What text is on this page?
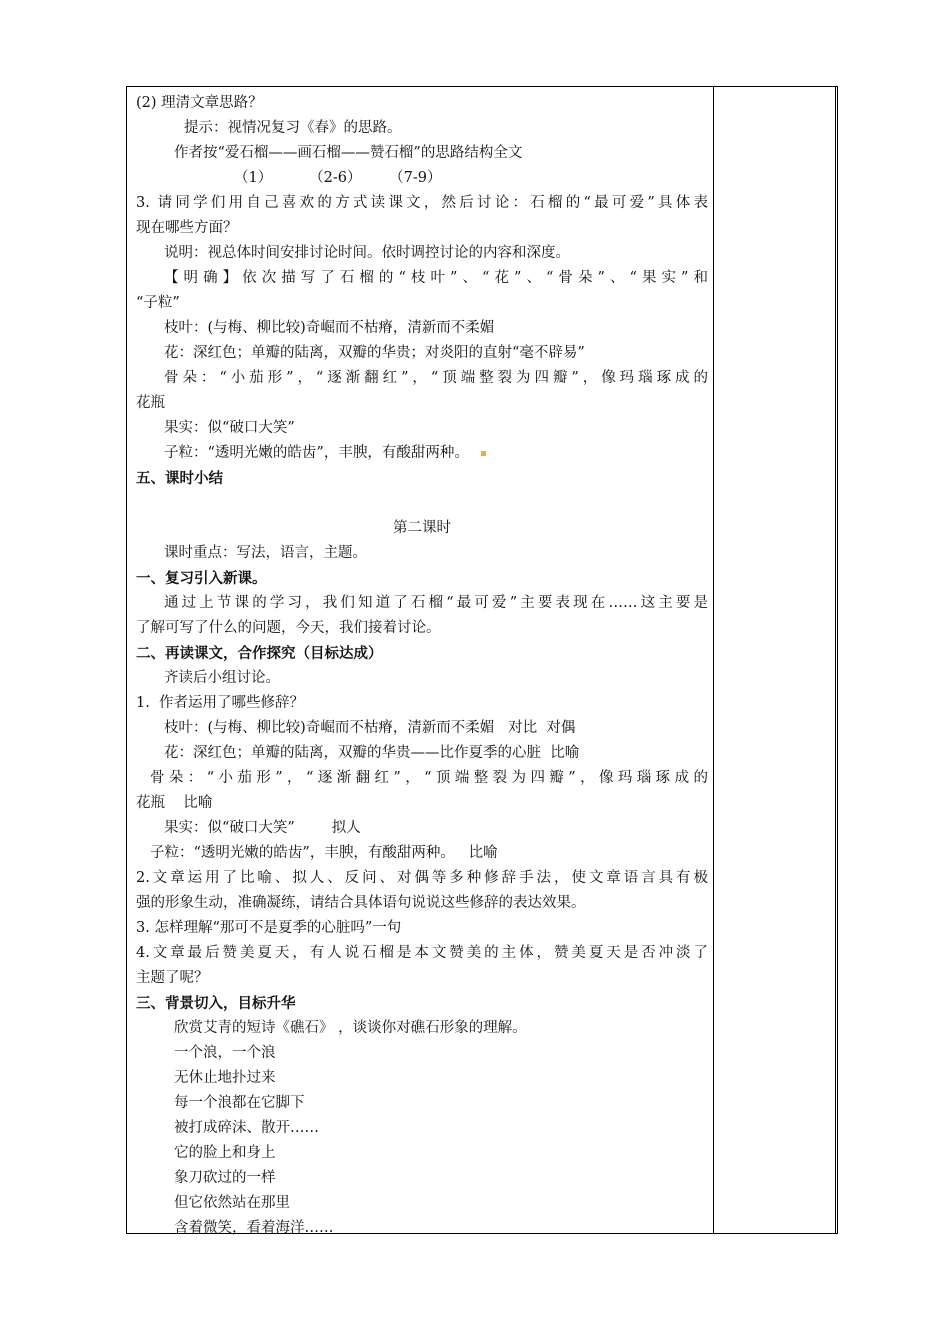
(2) 理清文章思路？
提示：视情况复习《春》的思路。
作者按“爱石榴——画石榴——赞石榴”的思路结构全文
（1）        （2-6）      （7-9）
3. 请同学们用自己喜欢的方式读课文，然后讨论：石榴的“最可爱”具体表
现在哪些方面？
说明：视总体时间安排讨论时间。依时调控讨论的内容和深度。
【明确】依次描写了石榴的“枝叶”、“花”、“骨朵”、“果实”和
“子粒”
枝叶：(与梅、柳比较)奇崛而不枯瘠，清新而不柔媚
花：深红色；单瓣的陆离，双瓣的华贵；对炎阳的直射“毫不辟易”
骨朵：“小茄形”，“逐渐翻红”，“顶端整裂为四瓣”，像玛瑙琢成的
花瓶
果实：似“破口大笑”
子粒：“透明光嫩的皓齿”，丰腴，有酸甜两种。
五、课时小结
第二课时
课时重点：写法，语言，主题。
一、复习引入新课。
通过上节课的学习，我们知道了石榴“最可爱”主要表现在……这主要是
了解可写了什么的问题，今天，我们接着讨论。
二、再读课文，合作探究（目标达成）
齐读后小组讨论。
1.  作者运用了哪些修辞？
枝叶：(与梅、柳比较)奇崛而不枯瘠，清新而不柔媚   对比  对偶
花：深红色；单瓣的陆离，双瓣的华贵——比作夏季的心脏  比喻
骨朵：“小茄形”，“逐渐翻红”，“顶端整裂为四瓣”，像玛瑙琢成的
花瓶    比喻
果实：似“破口大笑”        拟人
子粒：“透明光嫩的皓齿”，丰腴，有酸甜两种。   比喻
2.文章运用了比喻、拟人、反问、对偶等多种修辞手法，使文章语言具有极
强的形象生动，准确凝练，请结合具体语句说说这些修辞的表达效果。
3. 怎样理解“那可不是夏季的心脏吗”一句
4.文章最后赞美夏天，有人说石榴是本文赞美的主体，赞美夏天是否冲淡了
主题了呢？
三、背景切入，目标升华
欣赏艾青的短诗《礁石》 ，谈谈你对礁石形象的理解。
一个浪，一个浪
无休止地扑过来
每一个浪都在它脚下
被打成碎沫、散开……
它的脸上和身上
象刀砍过的一样
但它依然站在那里
含着微笑，看着海洋……
